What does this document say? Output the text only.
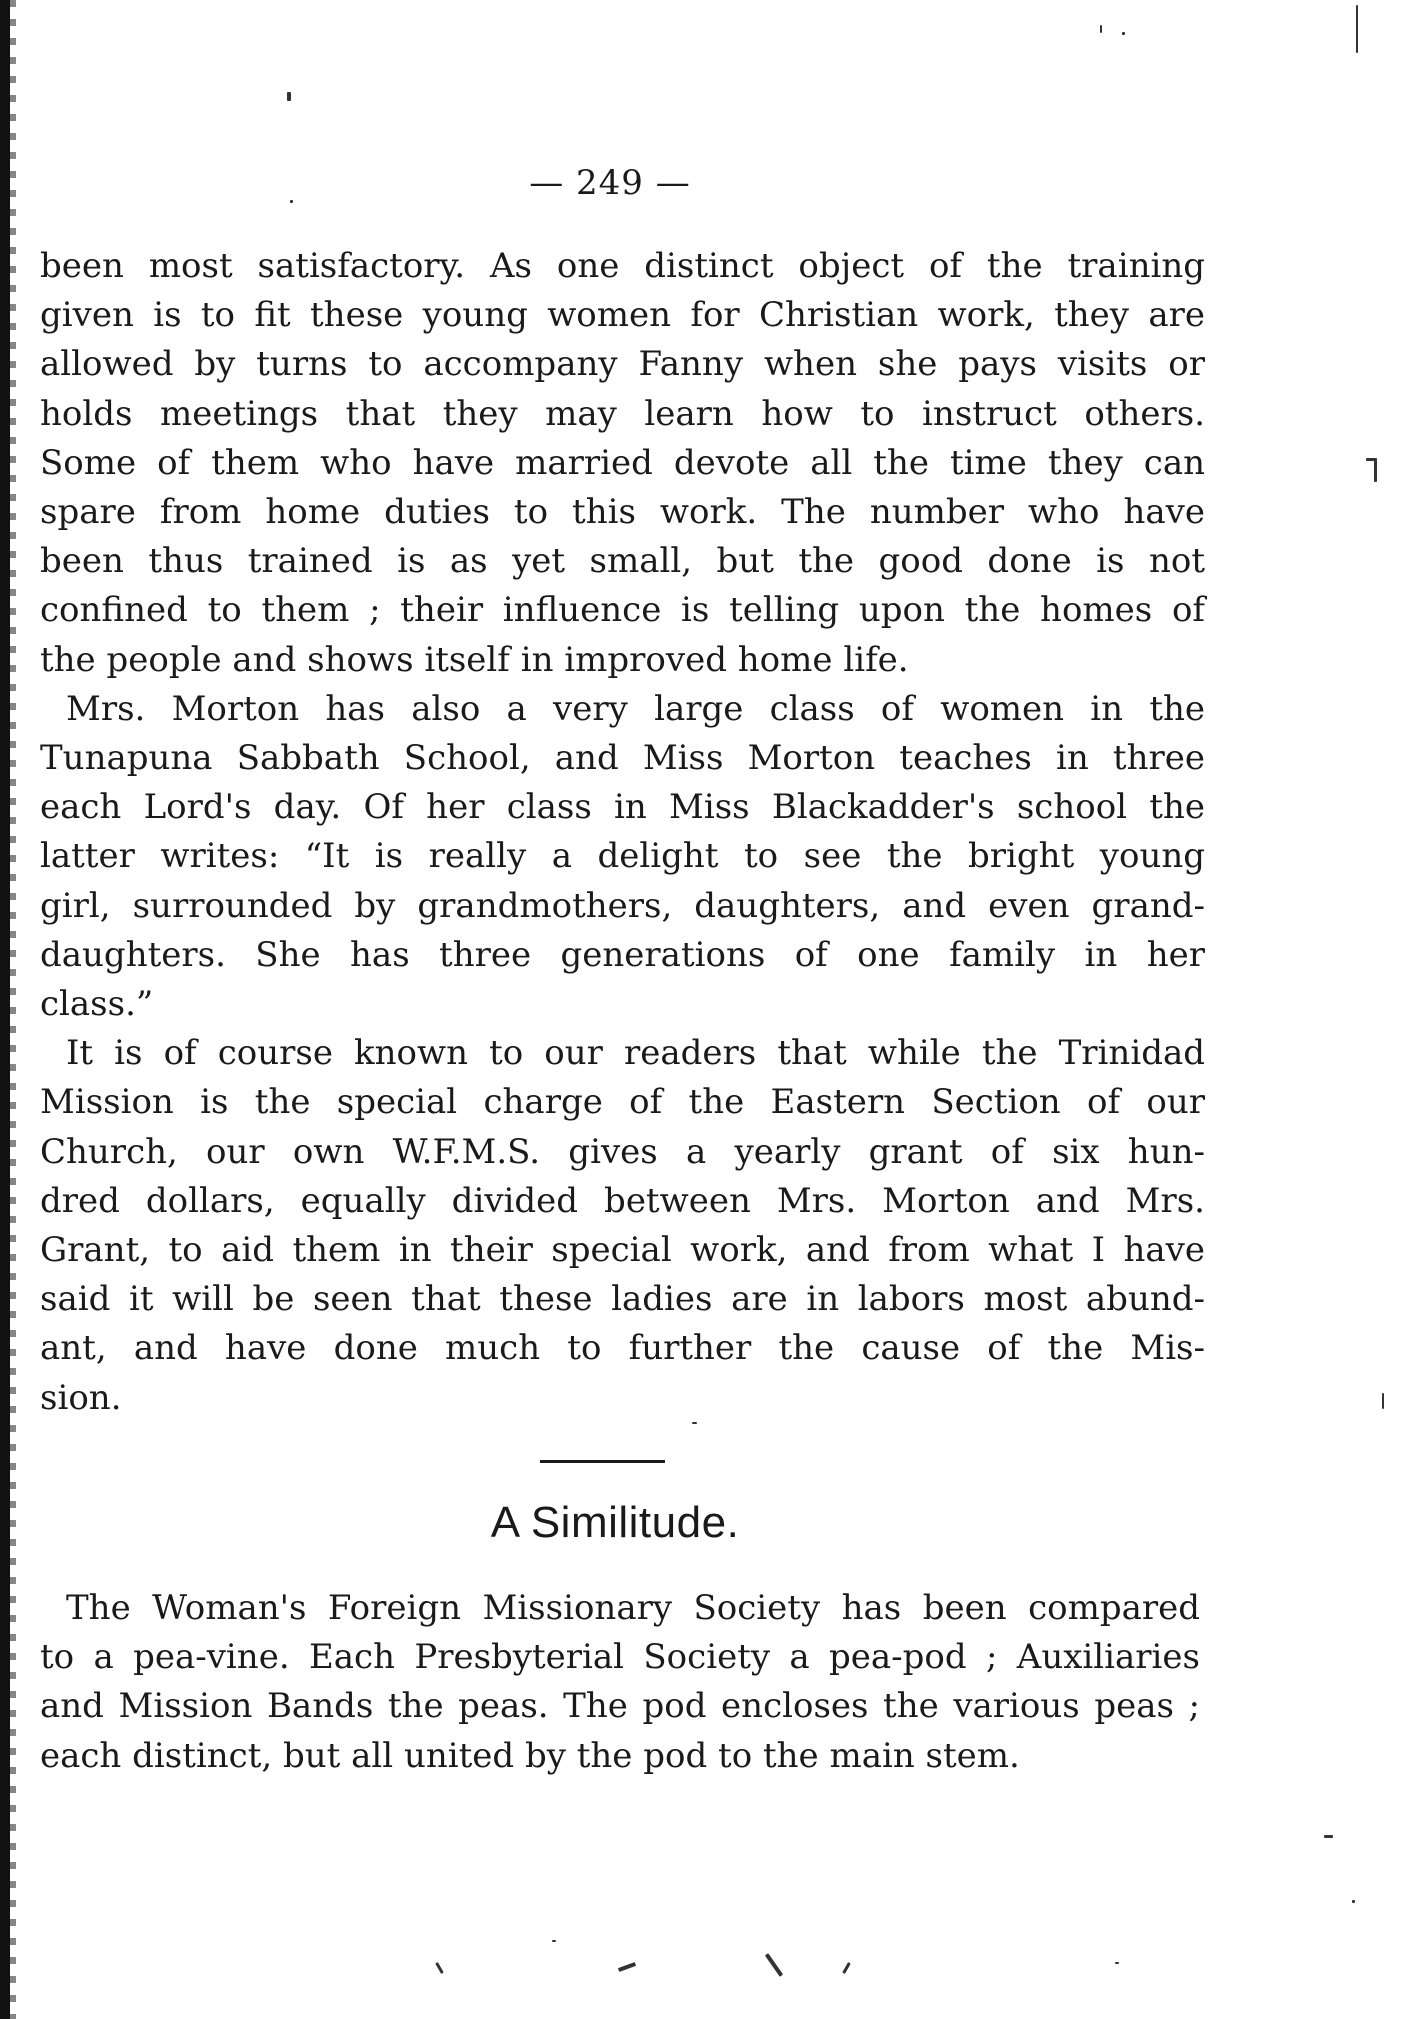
— 249 —
been most satisfactory. As one distinct object of the training
given is to fit these young women for Christian work, they are
allowed by turns to accompany Fanny when she pays visits or
holds meetings that they may learn how to instruct others.
Some of them who have married devote all the time they can
spare from home duties to this work. The number who have
been thus trained is as yet small, but the good done is not
confined to them ; their influence is telling upon the homes of
the people and shows itself in improved home life.
Mrs. Morton has also a very large class of women in the
Tunapuna Sabbath School, and Miss Morton teaches in three
each Lord's day. Of her class in Miss Blackadder's school the
latter writes: “It is really a delight to see the bright young
girl, surrounded by grandmothers, daughters, and even grand-
daughters. She has three generations of one family in her
class.”
It is of course known to our readers that while the Trinidad
Mission is the special charge of the Eastern Section of our
Church, our own W.F.M.S. gives a yearly grant of six hun-
dred dollars, equally divided between Mrs. Morton and Mrs.
Grant, to aid them in their special work, and from what I have
said it will be seen that these ladies are in labors most abund-
ant, and have done much to further the cause of the Mis-
sion.
A Similitude.
The Woman's Foreign Missionary Society has been compared
to a pea-vine. Each Presbyterial Society a pea-pod ; Auxiliaries
and Mission Bands the peas. The pod encloses the various peas ;
each distinct, but all united by the pod to the main stem.
